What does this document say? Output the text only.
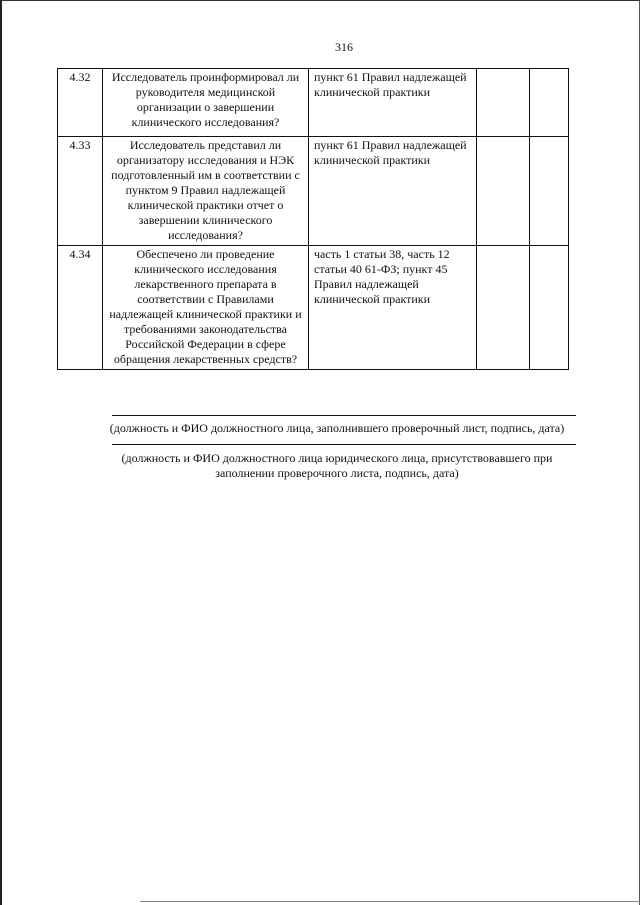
316
4.32	Исследователь проинформировал ли руководителя медицинской организации о завершении клинического исследования?	пункт 61 Правил надлежащей клинической практики		
4.33	Исследователь представил ли организатору исследования и НЭК подготовленный им в соответствии с пунктом 9 Правил надлежащей клинической практики отчет о завершении клинического исследования?	пункт 61 Правил надлежащей клинической практики		
4.34	Обеспечено ли проведение клинического исследования лекарственного препарата в соответствии с Правилами надлежащей клинической практики и требованиями законодательства Российской Федерации в сфере обращения лекарственных средств?	часть 1 статьи 38, часть 12 статьи 40 61-ФЗ; пункт 45 Правил надлежащей клинической практики		
(должность и ФИО должностного лица, заполнившего проверочный лист, подпись, дата)
(должность и ФИО должностного лица юридического лица, присутствовавшего при
заполнении проверочного листа, подпись, дата)
